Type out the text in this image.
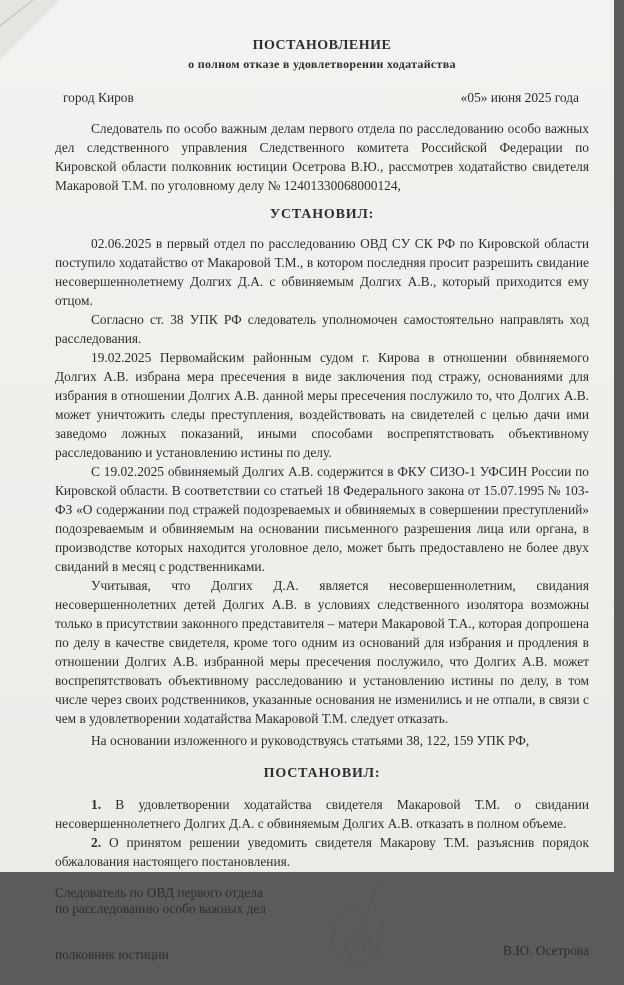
ПОСТАНОВЛЕНИЕ
о полном отказе в удовлетворении ходатайства
город Киров	«05» июня 2025 года

Следователь по особо важным делам первого отдела по расследованию особо важных дел следственного управления Следственного комитета Российской Федерации по Кировской области полковник юстиции Осетрова В.Ю., рассмотрев ходатайство свидетеля Макаровой Т.М. по уголовному делу № 12401330068000124,

УСТАНОВИЛ:

02.06.2025 в первый отдел по расследованию ОВД СУ СК РФ по Кировской области поступило ходатайство от Макаровой Т.М., в котором последняя просит разрешить свидание несовершеннолетнему Долгих Д.А. с обвиняемым Долгих А.В., который приходится ему отцом.

Согласно ст. 38 УПК РФ следователь уполномочен самостоятельно направлять ход расследования.

19.02.2025 Первомайским районным судом г. Кирова в отношении обвиняемого Долгих А.В. избрана мера пресечения в виде заключения под стражу, основаниями для избрания в отношении Долгих А.В. данной меры пресечения послужило то, что Долгих А.В. может уничтожить следы преступления, воздействовать на свидетелей с целью дачи ими заведомо ложных показаний, иными способами воспрепятствовать объективному расследованию и установлению истины по делу.

С 19.02.2025 обвиняемый Долгих А.В. содержится в ФКУ СИЗО-1 УФСИН России по Кировской области. В соответствии со статьей 18 Федерального закона от 15.07.1995 № 103-ФЗ «О содержании под стражей подозреваемых и обвиняемых в совершении преступлений» подозреваемым и обвиняемым на основании письменного разрешения лица или органа, в производстве которых находится уголовное дело, может быть предоставлено не более двух свиданий в месяц с родственниками.

Учитывая, что Долгих Д.А. является несовершеннолетним, свидания несовершеннолетних детей Долгих А.В. в условиях следственного изолятора возможны только в присутствии законного представителя – матери Макаровой Т.А., которая допрошена по делу в качестве свидетеля, кроме того одним из оснований для избрания и продления в отношении Долгих А.В. избранной меры пресечения послужило, что Долгих А.В. может воспрепятствовать объективному расследованию и установлению истины по делу, в том числе через своих родственников, указанные основания не изменились и не отпали, в связи с чем в удовлетворении ходатайства Макаровой Т.М. следует отказать.

На основании изложенного и руководствуясь статьями 38, 122, 159 УПК РФ,

ПОСТАНОВИЛ:

1. В удовлетворении ходатайства свидетеля Макаровой Т.М. о свидании несовершеннолетнего Долгих Д.А. с обвиняемым Долгих А.В. отказать в полном объеме.

2. О принятом решении уведомить свидетеля Макарову Т.М. разъяснив порядок обжалования настоящего постановления.

Следователь по ОВД первого отдела
по расследованию особо важных дел
полковник юстиции	В.Ю. Осетрова
